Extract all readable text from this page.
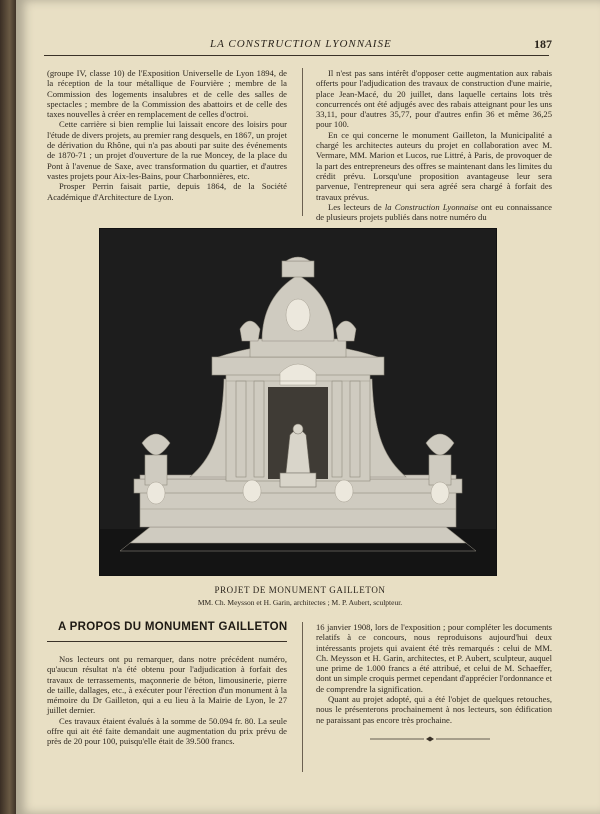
LA CONSTRUCTION LYONNAISE	187

(groupe IV, classe 10) de l'Exposition Universelle de Lyon 1894, de la réception de la tour métallique de Fourvière ; membre de la Commission des logements insalubres et de celle des salles de spectacles ; membre de la Commission des abattoirs et de celle des taxes nouvelles à créer en remplacement de celles d'octroi.

Cette carrière si bien remplie lui laissait encore des loisirs pour l'étude de divers projets, au premier rang desquels, en 1867, un projet de dérivation du Rhône, qui n'a pas abouti par suite des événements de 1870-71 ; un projet d'ouverture de la rue Moncey, de la place du Pont à l'avenue de Saxe, avec transformation du quartier, et d'autres vastes projets pour Aix-les-Bains, pour Charbonnières, etc.

Prosper Perrin faisait partie, depuis 1864, de la Société Académique d'Architecture de Lyon.

Il n'est pas sans intérêt d'opposer cette augmentation aux rabais offerts pour l'adjudication des travaux de construction d'une mairie, place Jean-Macé, du 20 juillet, dans laquelle certains lots très concurrencés ont été adjugés avec des rabais atteignant pour les uns 33,11, pour d'autres 35,77, pour d'autres enfin 36 et même 36,25 pour 100.

En ce qui concerne le monument Gailleton, la Municipalité a chargé les architectes auteurs du projet en collaboration avec M. Vermare, MM. Marion et Lucos, rue Littré, à Paris, de provoquer de la part des entrepreneurs des offres se maintenant dans les limites du crédit prévu. Lorsqu'une proposition avantageuse leur sera parvenue, l'entrepreneur qui sera agréé sera chargé à forfait des travaux prévus.

Les lecteurs de la Construction Lyonnaise ont eu connaissance de plusieurs projets publiés dans notre numéro du

PROJET DE MONUMENT GAILLETON
MM. Ch. Meysson et H. Garin, architectes ; M. P. Aubert, sculpteur.
A PROPOS DU MONUMENT GAILLETON

Nos lecteurs ont pu remarquer, dans notre précédent numéro, qu'aucun résultat n'a été obtenu pour l'adjudication à forfait des travaux de terrassements, maçonnerie de béton, limousinerie, pierre de taille, dallages, etc., à exécuter pour l'érection d'un monument à la mémoire du Dr Gailleton, qui a eu lieu à la Mairie de Lyon, le 27 juillet dernier.

Ces travaux étaient évalués à la somme de 50.094 fr. 80. La seule offre qui ait été faite demandait une augmentation du prix prévu de près de 20 pour 100, puisqu'elle était de 39.500 francs.

16 janvier 1908, lors de l'exposition ; pour compléter les documents relatifs à ce concours, nous reproduisons aujourd'hui deux intéressants projets qui avaient été très remarqués : celui de MM. Ch. Meysson et H. Garin, architectes, et P. Aubert, sculpteur, auquel une prime de 1.000 francs a été attribué, et celui de M. Schaeffer, dont un simple croquis permet cependant d'apprécier l'ordonnance et de comprendre la signification.

Quant au projet adopté, qui a été l'objet de quelques retouches, nous le présenterons prochainement à nos lecteurs, son édification ne paraissant pas encore très prochaine.
